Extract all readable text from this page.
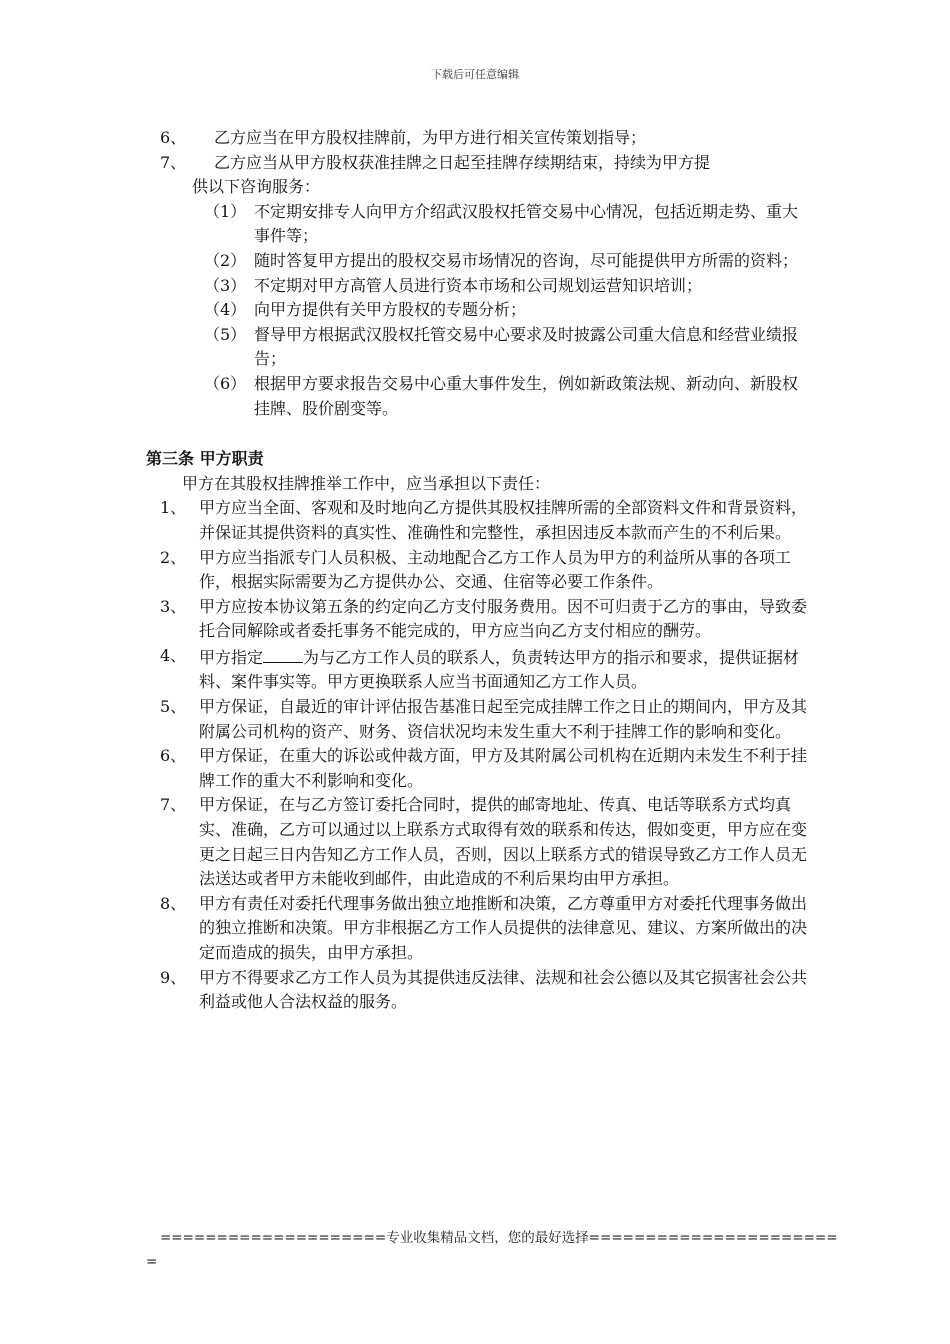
下载后可任意编辑
6、	乙方应当在甲方股权挂牌前，为甲方进行相关宣传策划指导；
7、	乙方应当从甲方股权获准挂牌之日起至挂牌存续期结束，持续为甲方提
供以下咨询服务：
（1） 不定期安排专人向甲方介绍武汉股权托管交易中心情况，包括近期走势、重大事件等；
（2） 随时答复甲方提出的股权交易市场情况的咨询，尽可能提供甲方所需的资料；
（3） 不定期对甲方高管人员进行资本市场和公司规划运营知识培训；
（4） 向甲方提供有关甲方股权的专题分析；
（5） 督导甲方根据武汉股权托管交易中心要求及时披露公司重大信息和经营业绩报告；
（6） 根据甲方要求报告交易中心重大事件发生，例如新政策法规、新动向、新股权挂牌、股价剧变等。
第三条 甲方职责
甲方在其股权挂牌推举工作中，应当承担以下责任：
1、 甲方应当全面、客观和及时地向乙方提供其股权挂牌所需的全部资料文件和背景资料，并保证其提供资料的真实性、准确性和完整性，承担因违反本款而产生的不利后果。
2、 甲方应当指派专门人员积极、主动地配合乙方工作人员为甲方的利益所从事的各项工作，根据实际需要为乙方提供办公、交通、住宿等必要工作条件。
3、 甲方应按本协议第五条的约定向乙方支付服务费用。因不可归责于乙方的事由，导致委托合同解除或者委托事务不能完成的，甲方应当向乙方支付相应的酬劳。
4、 甲方指定	为与乙方工作人员的联系人，负责转达甲方的指示和要求，提供证据材料、案件事实等。甲方更换联系人应当书面通知乙方工作人员。
5、 甲方保证，自最近的审计评估报告基准日起至完成挂牌工作之日止的期间内，甲方及其附属公司机构的资产、财务、资信状况均未发生重大不利于挂牌工作的影响和变化。
6、 甲方保证，在重大的诉讼或仲裁方面，甲方及其附属公司机构在近期内未发生不利于挂牌工作的重大不利影响和变化。
7、 甲方保证，在与乙方签订委托合同时，提供的邮寄地址、传真、电话等联系方式均真实、准确，乙方可以通过以上联系方式取得有效的联系和传达，假如变更，甲方应在变更之日起三日内告知乙方工作人员，否则，因以上联系方式的错误导致乙方工作人员无法送达或者甲方未能收到邮件，由此造成的不利后果均由甲方承担。
8、 甲方有责任对委托代理事务做出独立地推断和决策，乙方尊重甲方对委托代理事务做出的独立推断和决策。甲方非根据乙方工作人员提供的法律意见、建议、方案所做出的决定而造成的损失，由甲方承担。
9、 甲方不得要求乙方工作人员为其提供违反法律、法规和社会公德以及其它损害社会公共利益或他人合法权益的服务。
====================专业收集精品文档，您的最好选择======================
=
